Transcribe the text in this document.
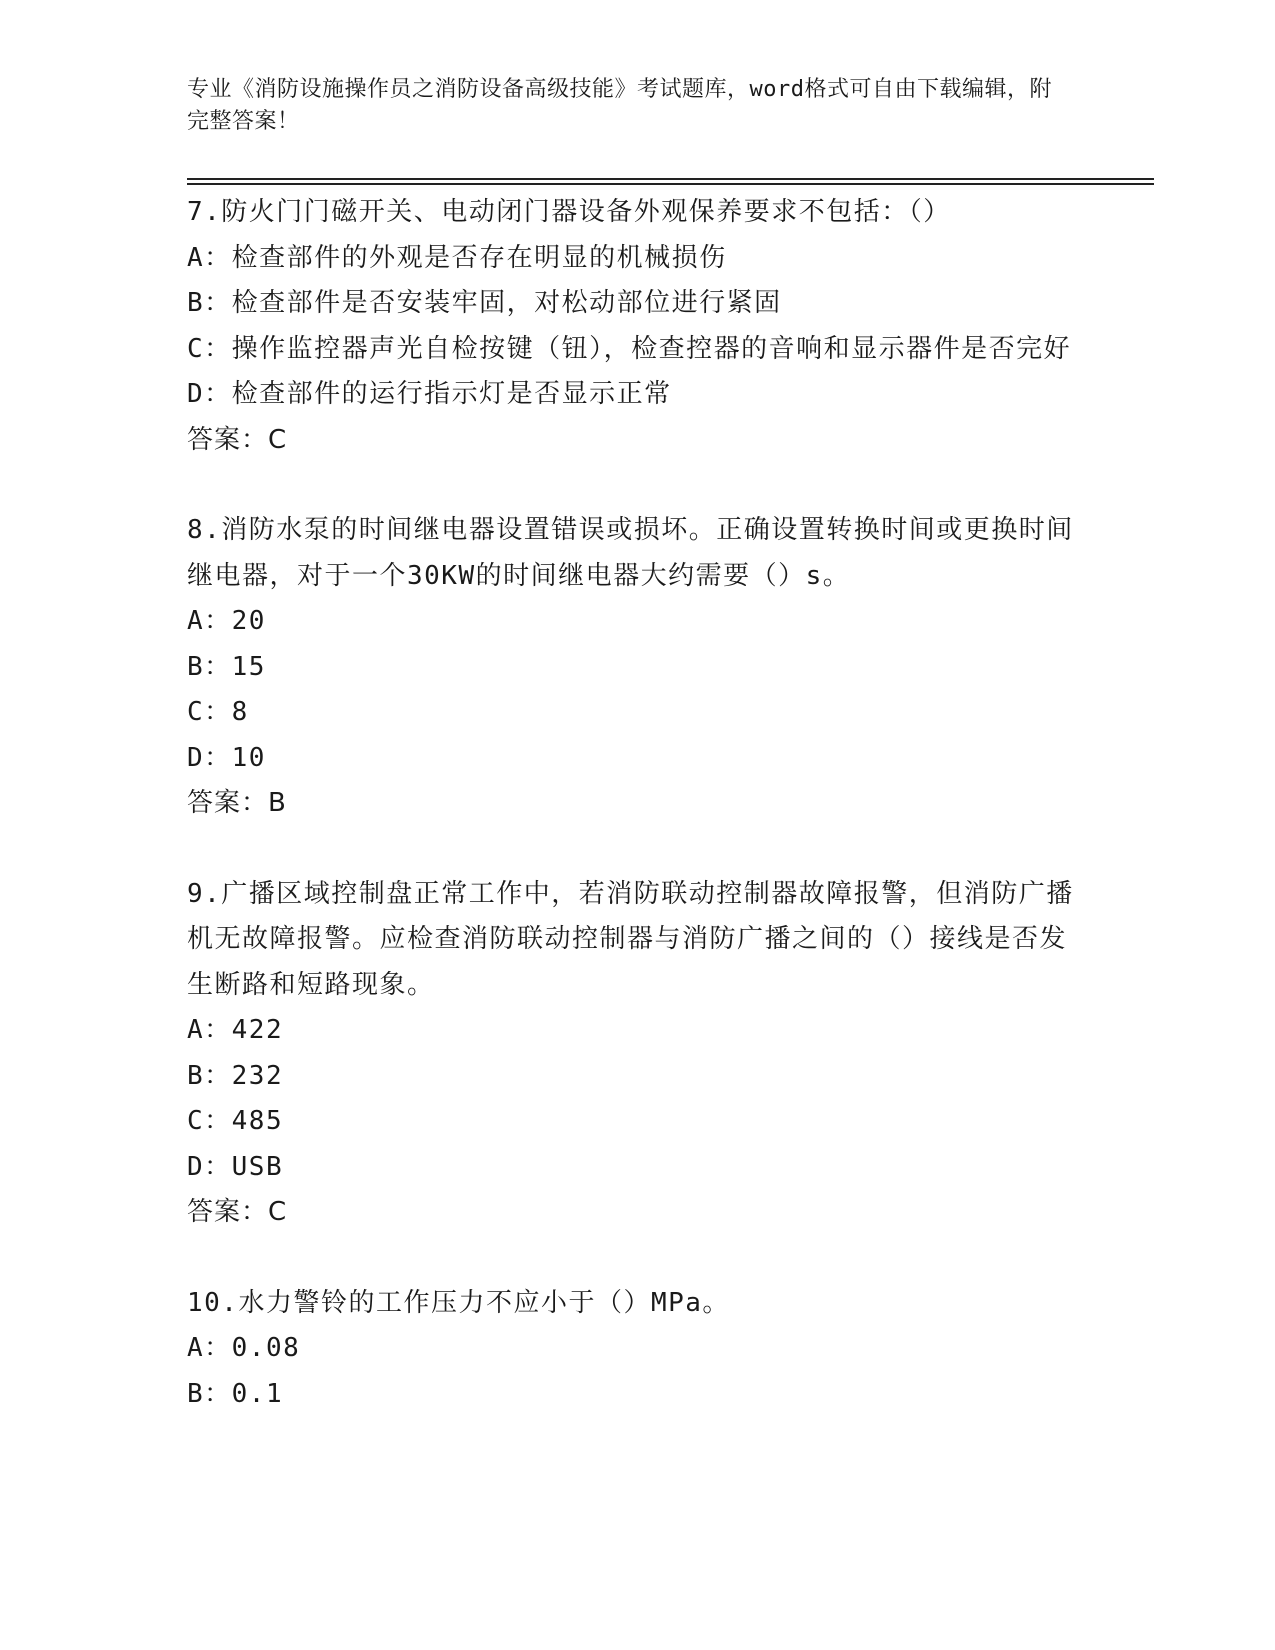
专业《消防设施操作员之消防设备高级技能》考试题库，word格式可自由下载编辑，附完整答案！
7.防火门门磁开关、电动闭门器设备外观保养要求不包括：（）
A：检查部件的外观是否存在明显的机械损伤
B：检查部件是否安装牢固，对松动部位进行紧固
C：操作监控器声光自检按键（钮），检查控器的音响和显示器件是否完好
D：检查部件的运行指示灯是否显示正常
答案：C
8.消防水泵的时间继电器设置错误或损坏。正确设置转换时间或更换时间继电器，对于一个30KW的时间继电器大约需要（）s。
A：20
B：15
C：8
D：10
答案：B
9.广播区域控制盘正常工作中，若消防联动控制器故障报警，但消防广播机无故障报警。应检查消防联动控制器与消防广播之间的（）接线是否发生断路和短路现象。
A：422
B：232
C：485
D：USB
答案：C
10.水力警铃的工作压力不应小于（）MPa。
A：0.08
B：0.1
